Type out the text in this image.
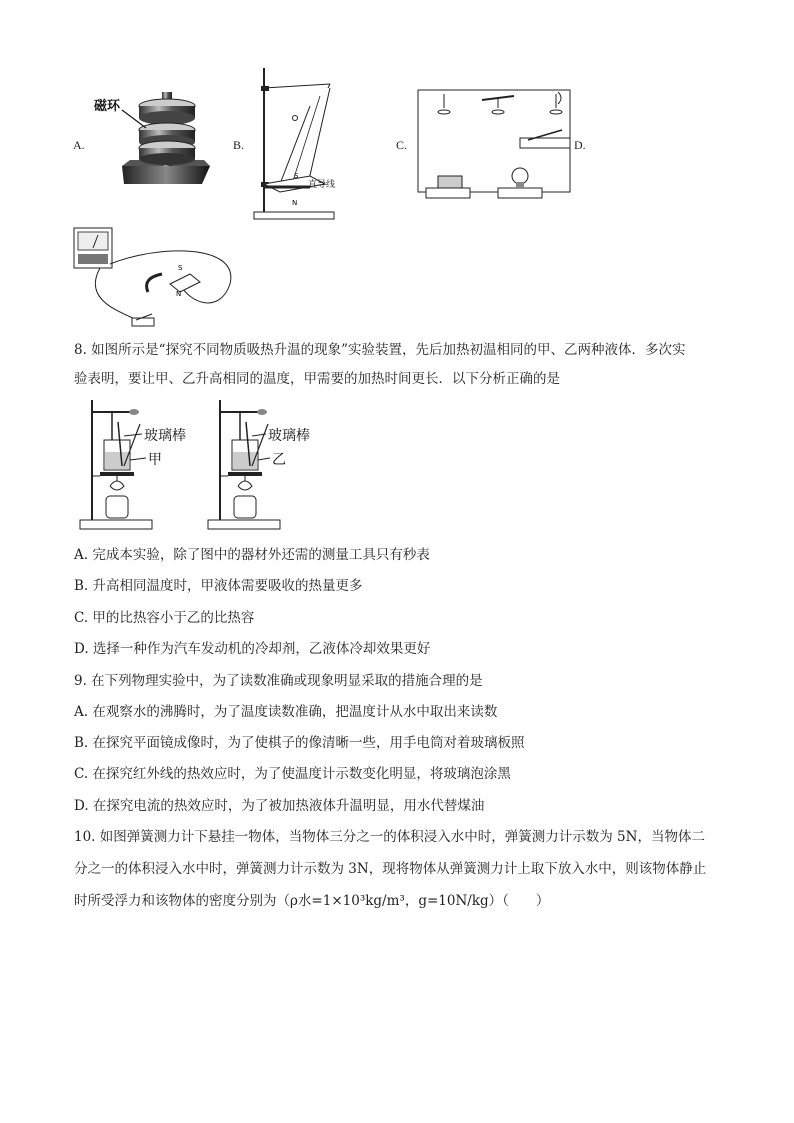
A.
磁环
B.
S
N
直导线
C.	D.
S
N
8. 如图所示是“探究不同物质吸热升温的现象”实验装置，先后加热初温相同的甲、乙两种液体．多次实
验表明，要让甲、乙升高相同的温度，甲需要的加热时间更长．以下分析正确的是
玻璃棒
甲
玻璃棒
乙
A. 完成本实验，除了图中的器材外还需的测量工具只有秒表
B. 升高相同温度时，甲液体需要吸收的热量更多
C. 甲的比热容小于乙的比热容
D. 选择一种作为汽车发动机的冷却剂，乙液体冷却效果更好
9. 在下列物理实验中，为了读数准确或现象明显采取的措施合理的是
A. 在观察水的沸腾时，为了温度读数准确，把温度计从水中取出来读数
B. 在探究平面镜成像时，为了使棋子的像清晰一些，用手电筒对着玻璃板照
C. 在探究红外线的热效应时，为了使温度计示数变化明显，将玻璃泡涂黑
D. 在探究电流的热效应时，为了被加热液体升温明显，用水代替煤油
10. 如图弹簧测力计下悬挂一物体，当物体三分之一的体积浸入水中时，弹簧测力计示数为 5N，当物体二
分之一的体积浸入水中时，弹簧测力计示数为 3N，现将物体从弹簧测力计上取下放入水中，则该物体静止
时所受浮力和该物体的密度分别为（ρ水=1×10³kg/m³，g=10N/kg）（　　）
